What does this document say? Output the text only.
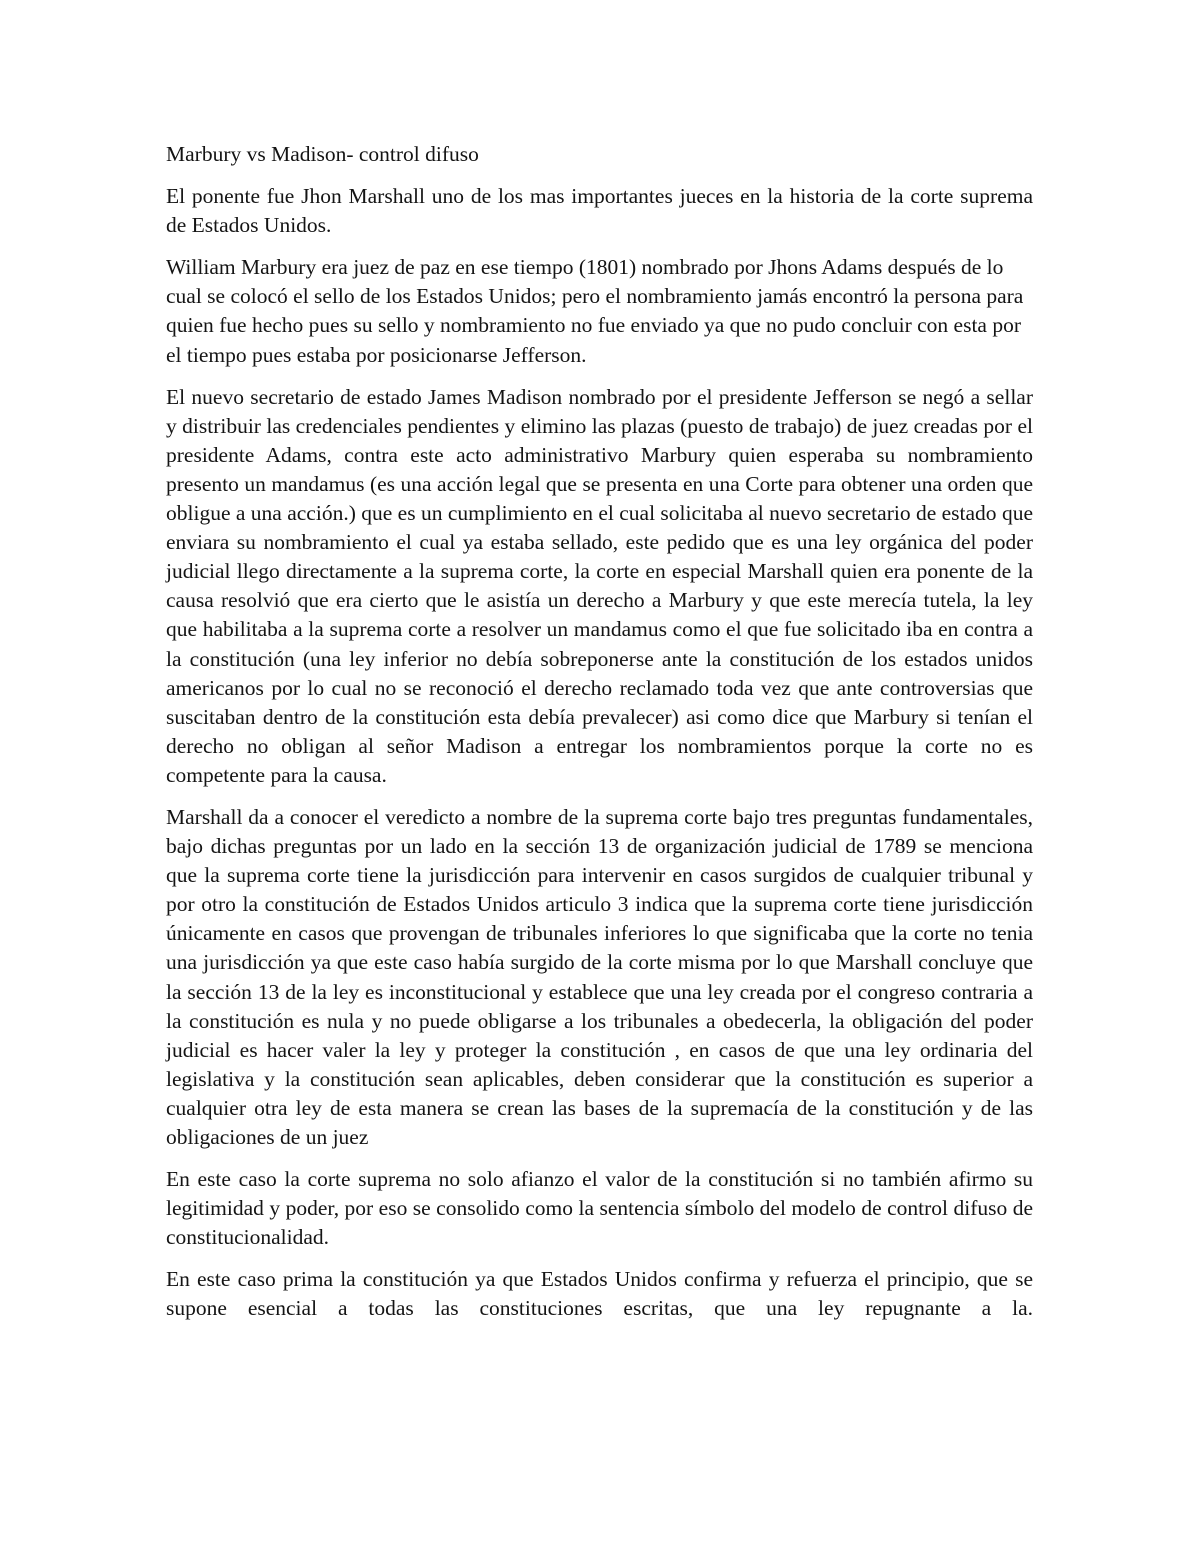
Marbury vs Madison- control difuso

El ponente fue Jhon Marshall uno de los mas importantes jueces en la historia de la corte suprema de Estados Unidos.

William Marbury era juez de paz en ese tiempo (1801) nombrado por Jhons Adams después de lo cual se colocó el sello de los Estados Unidos; pero el nombramiento jamás encontró la persona para quien fue hecho pues su sello y nombramiento no fue enviado ya que no pudo concluir con esta por el tiempo pues estaba por posicionarse Jefferson.

El nuevo secretario de estado James Madison nombrado por el presidente Jefferson se negó a sellar y distribuir las credenciales pendientes y elimino las plazas (puesto de trabajo) de juez creadas por el presidente Adams, contra este acto administrativo Marbury quien esperaba su nombramiento presento un mandamus (es una acción legal que se presenta en una Corte para obtener una orden que obligue a una acción.) que es un cumplimiento en el cual solicitaba al nuevo secretario de estado que enviara su nombramiento el cual ya estaba sellado, este pedido que es una ley orgánica del poder judicial llego directamente a la suprema corte, la corte en especial Marshall quien era ponente de la causa resolvió que era cierto que le asistía un derecho a Marbury y que este merecía tutela, la ley que habilitaba a la suprema corte a resolver un mandamus como el que fue solicitado iba en contra a la constitución (una ley inferior no debía sobreponerse ante la constitución de los estados unidos americanos por lo cual no se reconoció el derecho reclamado toda vez que ante controversias que suscitaban dentro de la constitución esta debía prevalecer) asi como dice que Marbury si tenían el derecho no obligan al señor Madison a entregar los nombramientos porque la corte no es competente para la causa.

Marshall da a conocer el veredicto a nombre de la suprema corte bajo tres preguntas fundamentales, bajo dichas preguntas por un lado en la sección 13 de organización judicial de 1789 se menciona que la suprema corte tiene la jurisdicción para intervenir en casos surgidos de cualquier tribunal y por otro la constitución de Estados Unidos articulo 3 indica que la suprema corte tiene jurisdicción únicamente en casos que provengan de tribunales inferiores lo que significaba que la corte no tenia una jurisdicción ya que este caso había surgido de la corte misma por lo que Marshall concluye que la sección 13 de la ley es inconstitucional y establece que una ley creada por el congreso contraria a la constitución es nula y no puede obligarse a los tribunales a obedecerla, la obligación del poder judicial es hacer valer la ley y proteger la constitución , en casos de que una ley ordinaria del legislativa y la constitución sean aplicables, deben considerar que la constitución es superior a cualquier otra ley de esta manera se crean las bases de la supremacía de la constitución y de las obligaciones de un juez

En este caso la corte suprema no solo afianzo el valor de la constitución si no también afirmo su legitimidad y poder, por eso se consolido como la sentencia símbolo del modelo de control difuso de constitucionalidad.

En este caso prima la constitución ya que Estados Unidos confirma y refuerza el principio, que se supone esencial a todas las constituciones escritas, que una ley repugnante a la.
